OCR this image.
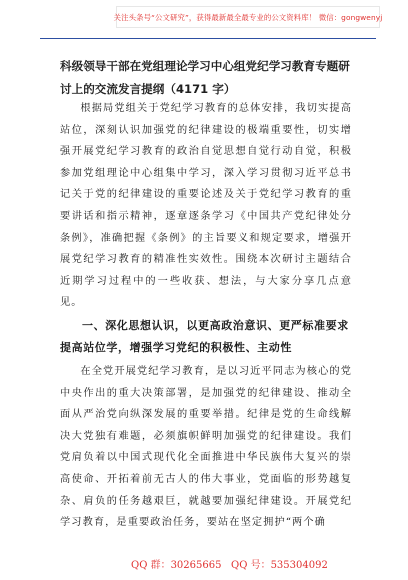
关注头条号“公文研究”，获得最新最全最专业的公文资料库！ 微信：gongwenyj
科级领导干部在党组理论学习中心组党纪学习教育专题研讨上的交流发言提纲（4171 字）

根据局党组关于党纪学习教育的总体安排，我切实提高站位，深刻认识加强党的纪律建设的极端重要性，切实增强开展党纪学习教育的政治自觉思想自觉行动自觉，积极参加党组理论中心组集中学习，深入学习贯彻习近平总书记关于党的纪律建设的重要论述及关于党纪学习教育的重要讲话和指示精神，逐章逐条学习《中国共产党纪律处分条例》，准确把握《条例》的主旨要义和规定要求，增强开展党纪学习教育的精准性实效性。围绕本次研讨主题结合近期学习过程中的一些收获、想法，与大家分享几点意见。

一、深化思想认识，以更高政治意识、更严标准要求提高站位学，增强学习党纪的积极性、主动性

在全党开展党纪学习教育，是以习近平同志为核心的党中央作出的重大决策部署，是加强党的纪律建设、推动全面从严治党向纵深发展的重要举措。纪律是党的生命线解决大党独有难题，必须旗帜鲜明加强党的纪律建设。我们党肩负着以中国式现代化全面推进中华民族伟大复兴的崇高使命、开拓着前无古人的伟大事业，党面临的形势越复杂、肩负的任务越艰巨，就越要加强纪律建设。开展党纪学习教育，是重要政治任务，要站在坚定拥护“两个确

QQ 群：30265665 QQ 号：535304092
